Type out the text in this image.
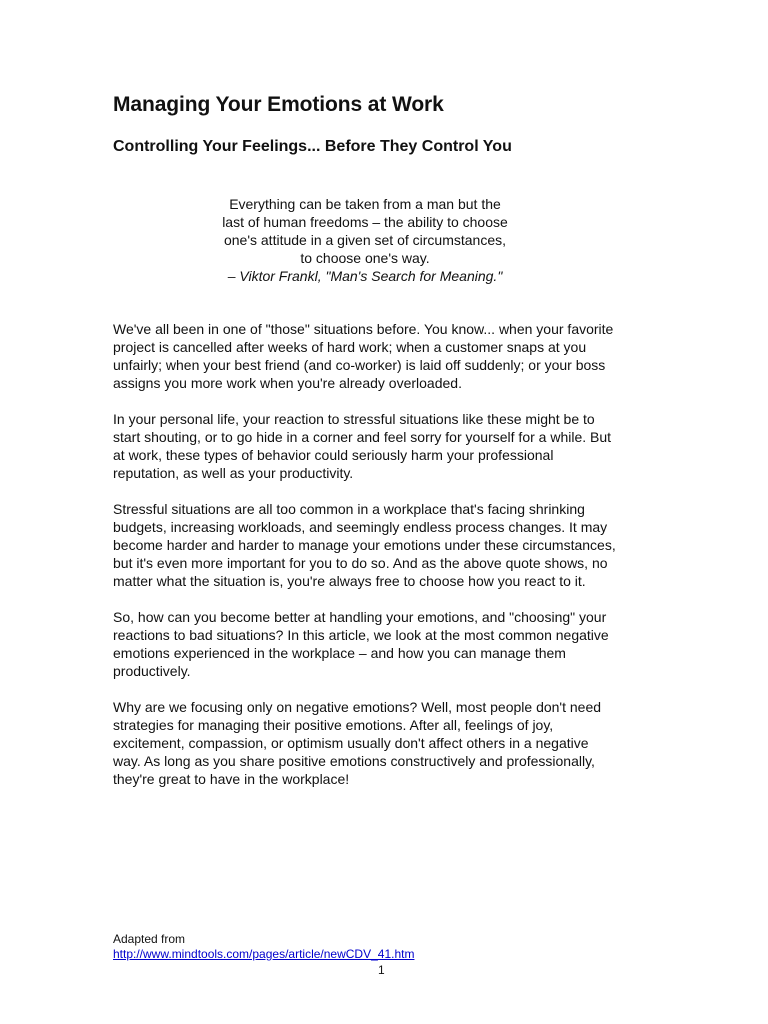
Managing Your Emotions at Work
Controlling Your Feelings... Before They Control You
Everything can be taken from a man but the
last of human freedoms – the ability to choose
one's attitude in a given set of circumstances,
to choose one's way.
– Viktor Frankl, "Man's Search for Meaning."

We've all been in one of "those" situations before. You know... when your favorite
project is cancelled after weeks of hard work; when a customer snaps at you
unfairly; when your best friend (and co-worker) is laid off suddenly; or your boss
assigns you more work when you're already overloaded.

In your personal life, your reaction to stressful situations like these might be to
start shouting, or to go hide in a corner and feel sorry for yourself for a while. But
at work, these types of behavior could seriously harm your professional
reputation, as well as your productivity.

Stressful situations are all too common in a workplace that's facing shrinking
budgets, increasing workloads, and seemingly endless process changes. It may
become harder and harder to manage your emotions under these circumstances,
but it's even more important for you to do so. And as the above quote shows, no
matter what the situation is, you're always free to choose how you react to it.

So, how can you become better at handling your emotions, and "choosing" your
reactions to bad situations? In this article, we look at the most common negative
emotions experienced in the workplace – and how you can manage them
productively.

Why are we focusing only on negative emotions? Well, most people don't need
strategies for managing their positive emotions. After all, feelings of joy,
excitement, compassion, or optimism usually don't affect others in a negative
way. As long as you share positive emotions constructively and professionally,
they're great to have in the workplace!

Adapted from
http://www.mindtools.com/pages/article/newCDV_41.htm
1
